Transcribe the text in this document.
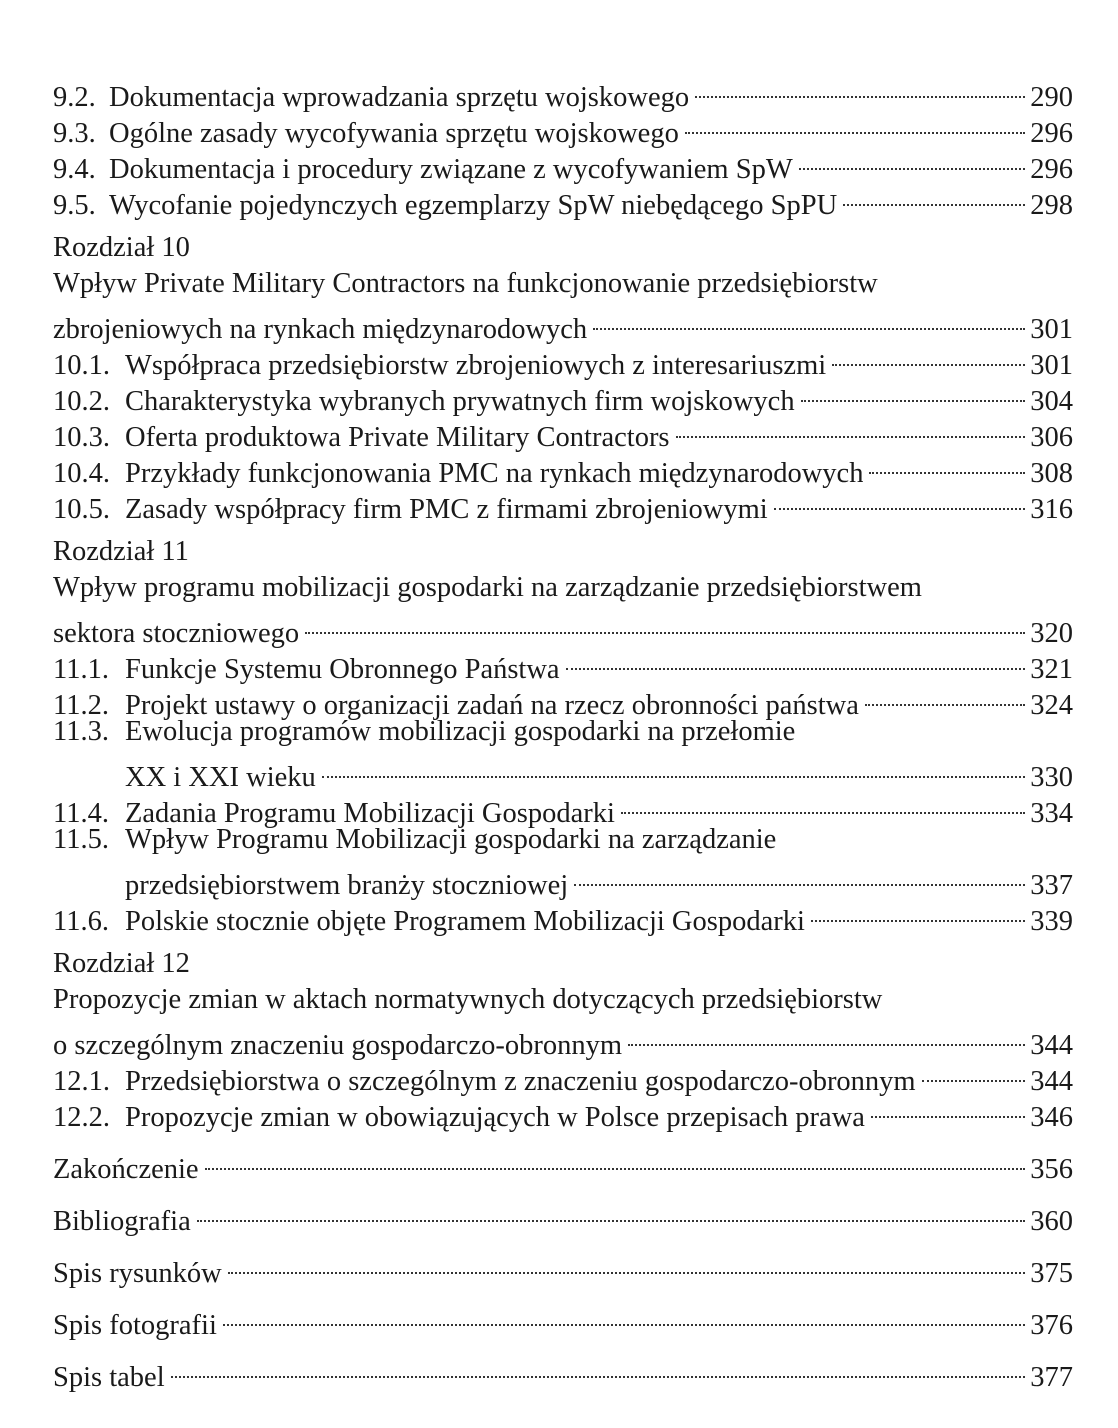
9.2. Dokumentacja wprowadzania sprzętu wojskowego	290
9.3. Ogólne zasady wycofywania sprzętu wojskowego	296
9.4. Dokumentacja i procedury związane z wycofywaniem SpW	296
9.5. Wycofanie pojedynczych egzemplarzy SpW niebędącego SpPU	298
Rozdział 10
Wpływ Private Military Contractors na funkcjonowanie przedsiębiorstw
zbrojeniowych na rynkach międzynarodowych	301
10.1. Współpraca przedsiębiorstw zbrojeniowych z interesariuszmi	301
10.2. Charakterystyka wybranych prywatnych firm wojskowych	304
10.3. Oferta produktowa Private Military Contractors	306
10.4. Przykłady funkcjonowania PMC na rynkach międzynarodowych	308
10.5. Zasady współpracy firm PMC z firmami zbrojeniowymi	316
Rozdział 11
Wpływ programu mobilizacji gospodarki na zarządzanie przedsiębiorstwem
sektora stoczniowego	320
11.1. Funkcje Systemu Obronnego Państwa	321
11.2. Projekt ustawy o organizacji zadań na rzecz obronności państwa	324
11.3. Ewolucja programów mobilizacji gospodarki na przełomie
XX i XXI wieku	330
11.4. Zadania Programu Mobilizacji Gospodarki	334
11.5. Wpływ Programu Mobilizacji gospodarki na zarządzanie
przedsiębiorstwem branży stoczniowej	337
11.6. Polskie stocznie objęte Programem Mobilizacji Gospodarki	339
Rozdział 12
Propozycje zmian w aktach normatywnych dotyczących przedsiębiorstw
o szczególnym znaczeniu gospodarczo-obronnym	344
12.1. Przedsiębiorstwa o szczególnym z znaczeniu gospodarczo-obronnym	344
12.2. Propozycje zmian w obowiązujących w Polsce przepisach prawa	346
Zakończenie	356
Bibliografia	360
Spis rysunków	375
Spis fotografii	376
Spis tabel	377
